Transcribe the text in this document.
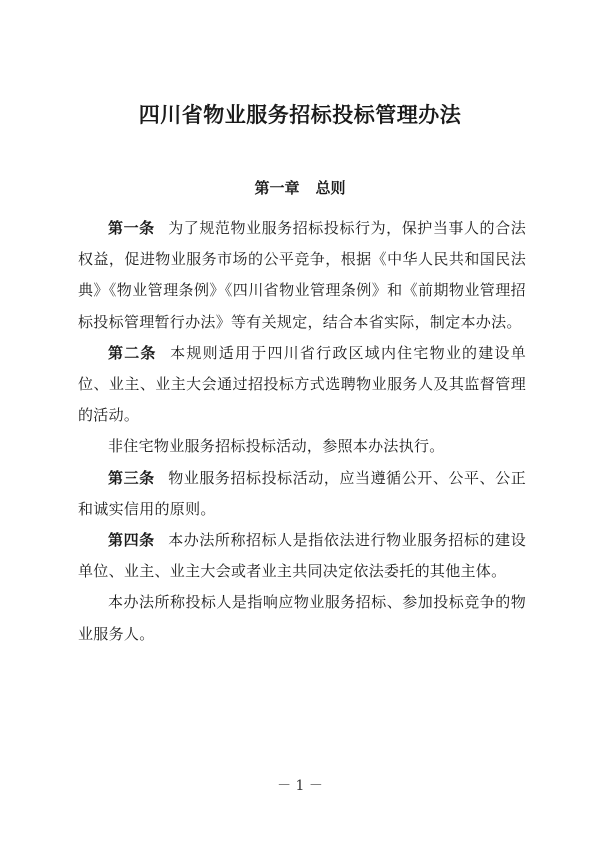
四川省物业服务招标投标管理办法
第一章 总则

第一条 为了规范物业服务招标投标行为，保护当事人的合法权益，促进物业服务市场的公平竞争，根据《中华人民共和国民法典》《物业管理条例》《四川省物业管理条例》和《前期物业管理招标投标管理暂行办法》等有关规定，结合本省实际，制定本办法。

第二条 本规则适用于四川省行政区域内住宅物业的建设单位、业主、业主大会通过招投标方式选聘物业服务人及其监督管理的活动。

非住宅物业服务招标投标活动，参照本办法执行。

第三条 物业服务招标投标活动，应当遵循公开、公平、公正和诚实信用的原则。

第四条 本办法所称招标人是指依法进行物业服务招标的建设单位、业主、业主大会或者业主共同决定依法委托的其他主体。

本办法所称投标人是指响应物业服务招标、参加投标竞争的物业服务人。

－ 1 －
